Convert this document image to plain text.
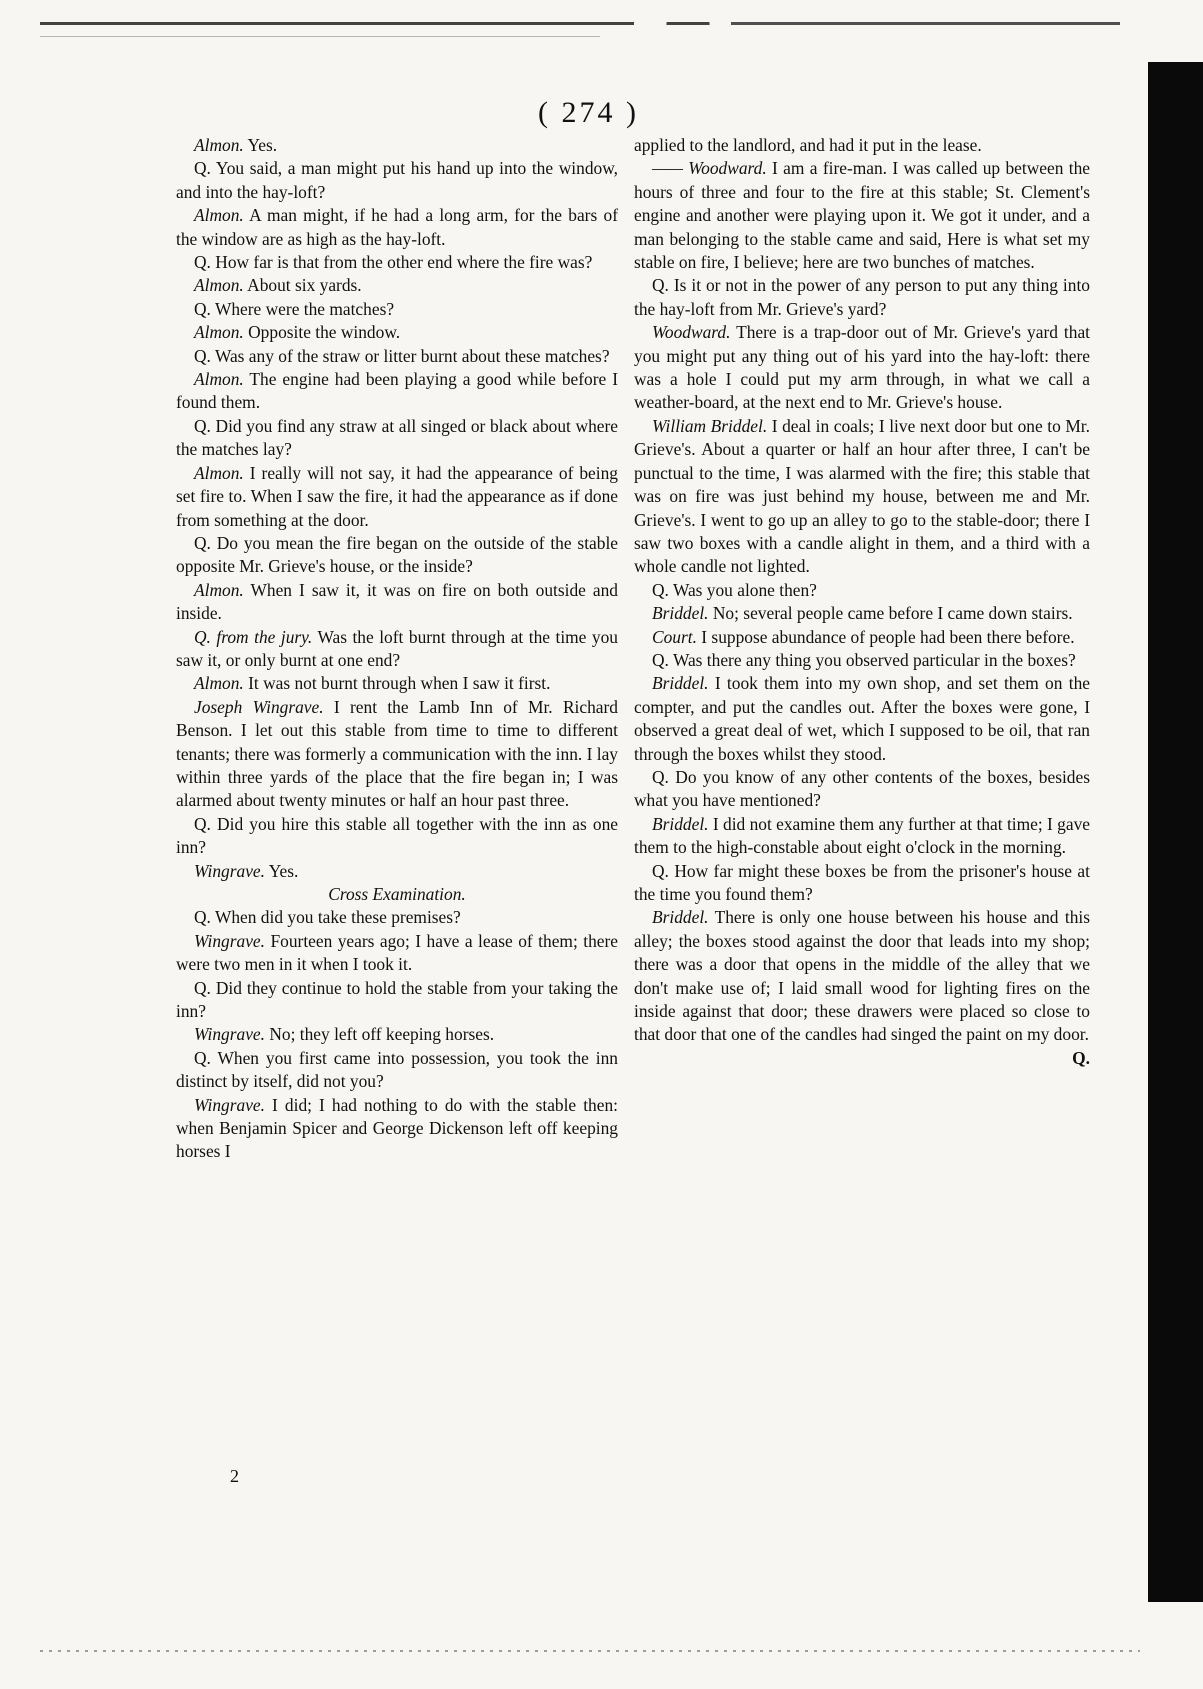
( 274 )

Almon. Yes.

Q. You said, a man might put his hand up into the window, and into the hay-loft?

Almon. A man might, if he had a long arm, for the bars of the window are as high as the hay-loft.

Q. How far is that from the other end where the fire was?

Almon. About six yards.

Q. Where were the matches?

Almon. Opposite the window.

Q. Was any of the straw or litter burnt about these matches?

Almon. The engine had been playing a good while before I found them.

Q. Did you find any straw at all singed or black about where the matches lay?

Almon. I really will not say, it had the appearance of being set fire to. When I saw the fire, it had the appearance as if done from something at the door.

Q. Do you mean the fire began on the outside of the stable opposite Mr. Grieve's house, or the inside?

Almon. When I saw it, it was on fire on both outside and inside.

Q. from the jury. Was the loft burnt through at the time you saw it, or only burnt at one end?

Almon. It was not burnt through when I saw it first.

Joseph Wingrave. I rent the Lamb Inn of Mr. Richard Benson. I let out this stable from time to time to different tenants; there was formerly a communication with the inn. I lay within three yards of the place that the fire began in; I was alarmed about twenty minutes or half an hour past three.

Q. Did you hire this stable all together with the inn as one inn?

Wingrave. Yes.

Cross Examination.

Q. When did you take these premises?

Wingrave. Fourteen years ago; I have a lease of them; there were two men in it when I took it.

Q. Did they continue to hold the stable from your taking the inn?

Wingrave. No; they left off keeping horses.

Q. When you first came into possession, you took the inn distinct by itself, did not you?

Wingrave. I did; I had nothing to do with the stable then: when Benjamin Spicer and George Dickenson left off keeping horses I

applied to the landlord, and had it put in the lease.

—— Woodward. I am a fire-man. I was called up between the hours of three and four to the fire at this stable; St. Clement's engine and another were playing upon it. We got it under, and a man belonging to the stable came and said, Here is what set my stable on fire, I believe; here are two bunches of matches.

Q. Is it or not in the power of any person to put any thing into the hay-loft from Mr. Grieve's yard?

Woodward. There is a trap-door out of Mr. Grieve's yard that you might put any thing out of his yard into the hay-loft: there was a hole I could put my arm through, in what we call a weather-board, at the next end to Mr. Grieve's house.

William Briddel. I deal in coals; I live next door but one to Mr. Grieve's. About a quarter or half an hour after three, I can't be punctual to the time, I was alarmed with the fire; this stable that was on fire was just behind my house, between me and Mr. Grieve's. I went to go up an alley to go to the stable-door; there I saw two boxes with a candle alight in them, and a third with a whole candle not lighted.

Q. Was you alone then?

Briddel. No; several people came before I came down stairs.

Court. I suppose abundance of people had been there before.

Q. Was there any thing you observed particular in the boxes?

Briddel. I took them into my own shop, and set them on the compter, and put the candles out. After the boxes were gone, I observed a great deal of wet, which I supposed to be oil, that ran through the boxes whilst they stood.

Q. Do you know of any other contents of the boxes, besides what you have mentioned?

Briddel. I did not examine them any further at that time; I gave them to the high-constable about eight o'clock in the morning.

Q. How far might these boxes be from the prisoner's house at the time you found them?

Briddel. There is only one house between his house and this alley; the boxes stood against the door that leads into my shop; there was a door that opens in the middle of the alley that we don't make use of; I laid small wood for lighting fires on the inside against that door; these drawers were placed so close to that door that one of the candles had singed the paint on my door.
Q.

2
